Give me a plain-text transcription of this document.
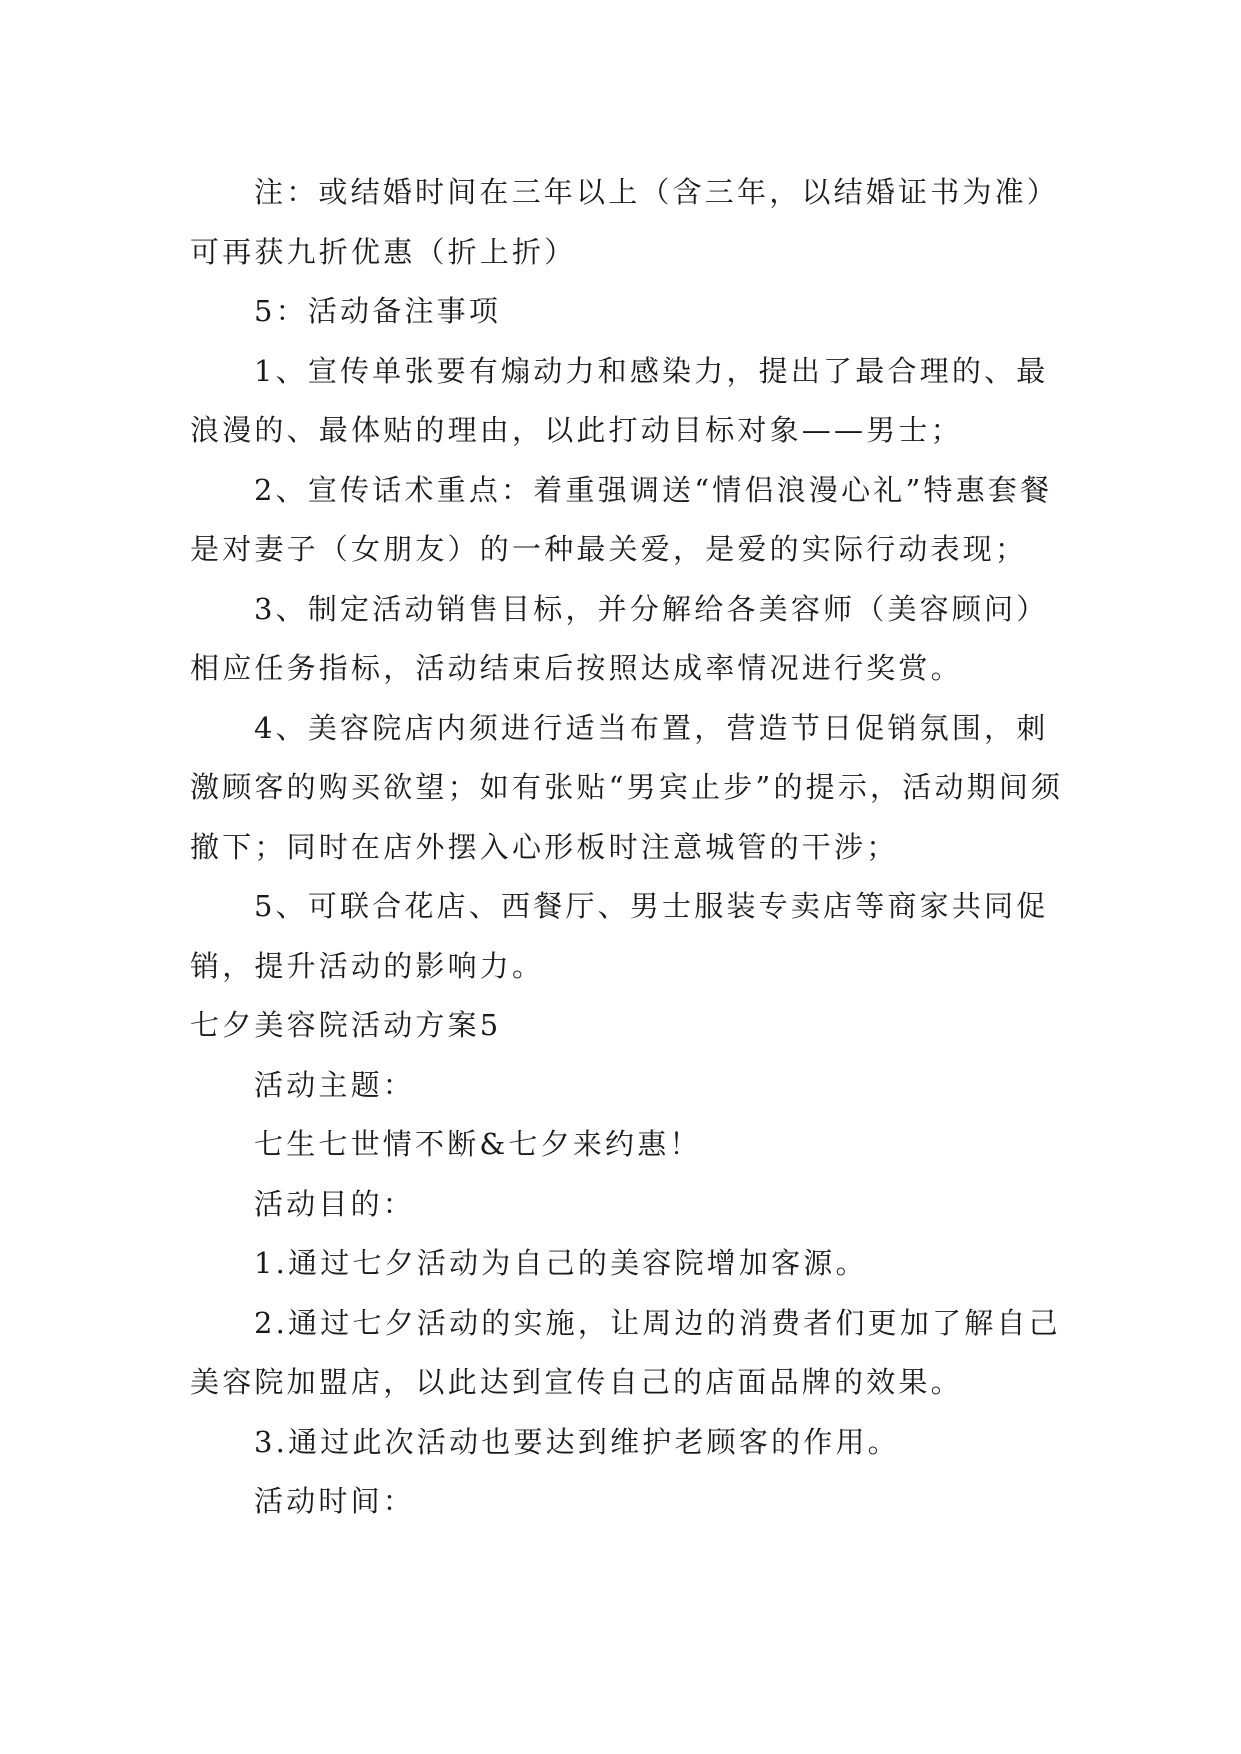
注：或结婚时间在三年以上（含三年，以结婚证书为准）可再获九折优惠（折上折）

5：活动备注事项

1、宣传单张要有煽动力和感染力，提出了最合理的、最浪漫的、最体贴的理由，以此打动目标对象——男士；

2、宣传话术重点：着重强调送“情侣浪漫心礼”特惠套餐是对妻子（女朋友）的一种最关爱，是爱的实际行动表现；

3、制定活动销售目标，并分解给各美容师（美容顾问）相应任务指标，活动结束后按照达成率情况进行奖赏。

4、美容院店内须进行适当布置，营造节日促销氛围，刺激顾客的购买欲望；如有张贴“男宾止步”的提示，活动期间须撤下；同时在店外摆入心形板时注意城管的干涉；

5、可联合花店、西餐厅、男士服装专卖店等商家共同促销，提升活动的影响力。

七夕美容院活动方案5

活动主题：

七生七世情不断&七夕来约惠！

活动目的：

1.通过七夕活动为自己的美容院增加客源。

2.通过七夕活动的实施，让周边的消费者们更加了解自己美容院加盟店，以此达到宣传自己的店面品牌的效果。

3.通过此次活动也要达到维护老顾客的作用。

活动时间：
